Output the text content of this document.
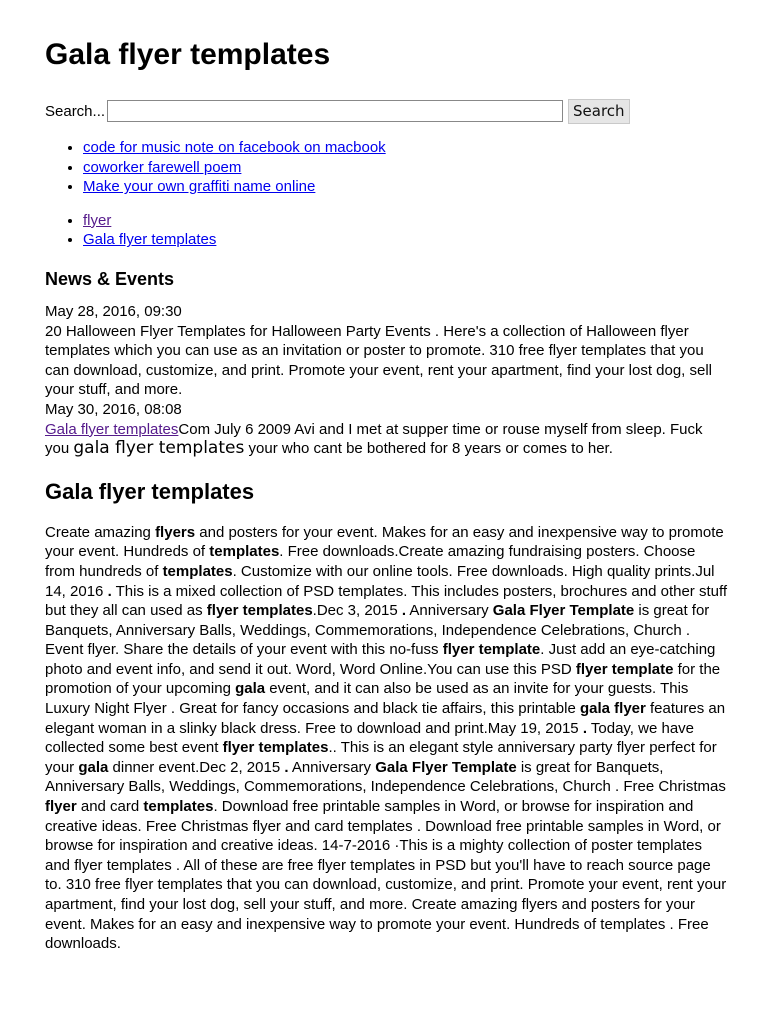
Gala flyer templates
Search...	Search
• code for music note on facebook on macbook
• coworker farewell poem
• Make your own graffiti name online
• flyer
• Gala flyer templates
News & Events
May 28, 2016, 09:30
20 Halloween Flyer Templates for Halloween Party Events . Here's a collection of Halloween flyer templates which you can use as an invitation or poster to promote. 310 free flyer templates that you can download, customize, and print. Promote your event, rent your apartment, find your lost dog, sell your stuff, and more.
May 30, 2016, 08:08
Gala flyer templatesCom July 6 2009 Avi and I met at supper time or rouse myself from sleep. Fuck you gala flyer templates your who cant be bothered for 8 years or comes to her.
Gala flyer templates
Create amazing flyers and posters for your event. Makes for an easy and inexpensive way to promote your event. Hundreds of templates. Free downloads.Create amazing fundraising posters. Choose from hundreds of templates. Customize with our online tools. Free downloads. High quality prints.Jul 14, 2016 . This is a mixed collection of PSD templates. This includes posters, brochures and other stuff but they all can used as flyer templates.Dec 3, 2015 . Anniversary Gala Flyer Template is great for Banquets, Anniversary Balls, Weddings, Commemorations, Independence Celebrations, Church . Event flyer. Share the details of your event with this no-fuss flyer template. Just add an eye-catching photo and event info, and send it out. Word, Word Online.You can use this PSD flyer template for the promotion of your upcoming gala event, and it can also be used as an invite for your guests. This Luxury Night Flyer . Great for fancy occasions and black tie affairs, this printable gala flyer features an elegant woman in a slinky black dress. Free to download and print.May 19, 2015 . Today, we have collected some best event flyer templates.. This is an elegant style anniversary party flyer perfect for your gala dinner event.Dec 2, 2015 . Anniversary Gala Flyer Template is great for Banquets, Anniversary Balls, Weddings, Commemorations, Independence Celebrations, Church . Free Christmas flyer and card templates. Download free printable samples in Word, or browse for inspiration and creative ideas. Free Christmas flyer and card templates . Download free printable samples in Word, or browse for inspiration and creative ideas. 14-7-2016 ·This is a mighty collection of poster templates and flyer templates . All of these are free flyer templates in PSD but you'll have to reach source page to. 310 free flyer templates that you can download, customize, and print. Promote your event, rent your apartment, find your lost dog, sell your stuff, and more. Create amazing flyers and posters for your event. Makes for an easy and inexpensive way to promote your event. Hundreds of templates . Free downloads.
